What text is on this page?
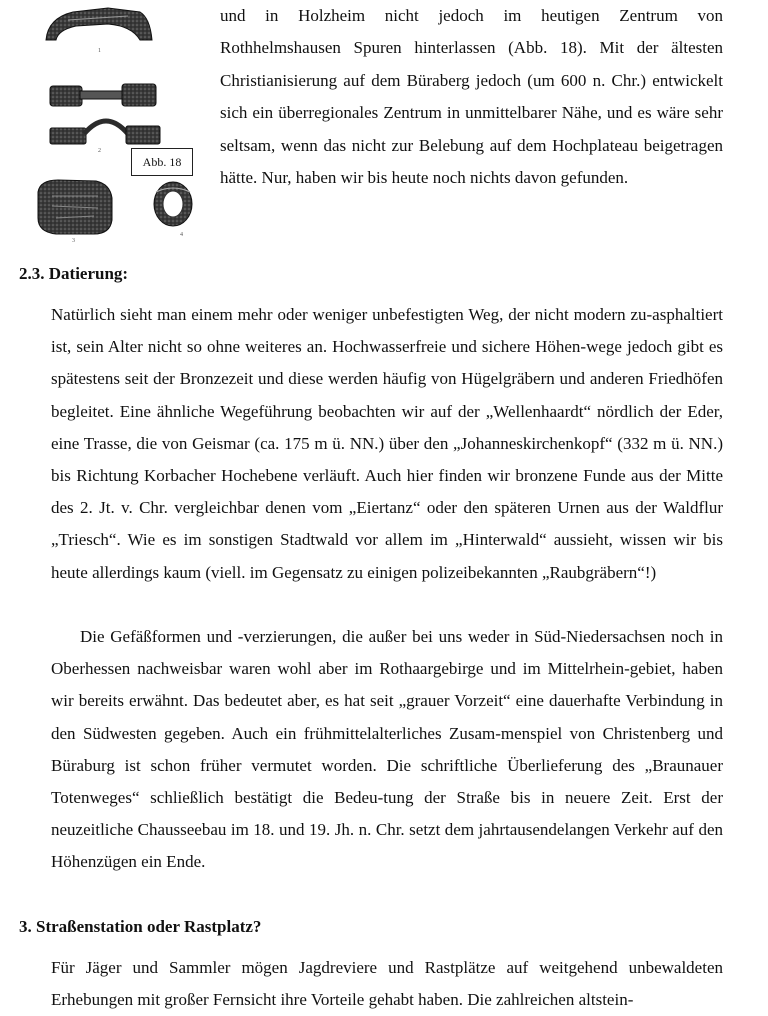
1
2
3
4
Abb. 18

und in Holzheim nicht jedoch im heutigen Zentrum von Rothhelmshausen Spuren hinterlassen (Abb. 18). Mit der ältesten Christianisierung auf dem Büraberg jedoch (um 600 n. Chr.) entwickelt sich ein überregionales Zentrum in unmittelbarer Nähe, und es wäre sehr seltsam, wenn das nicht zur Belebung auf dem Hochplateau beigetragen hätte. Nur, haben wir bis heute noch nichts davon gefunden.

2.3. Datierung:

Natürlich sieht man einem mehr oder weniger unbefestigten Weg, der nicht modern zu-asphaltiert ist, sein Alter nicht so ohne weiteres an. Hochwasserfreie und sichere Höhen-wege jedoch gibt es spätestens seit der Bronzezeit und diese werden häufig von Hügelgräbern und anderen Friedhöfen begleitet. Eine ähnliche Wegeführung beobachten wir auf der „Wellenhaardt“ nördlich der Eder, eine Trasse, die von Geismar (ca. 175 m ü. NN.) über den „Johanneskirchenkopf“ (332 m ü. NN.) bis Richtung Korbacher Hochebene verläuft. Auch hier finden wir bronzene Funde aus der Mitte des 2. Jt. v. Chr. vergleichbar denen vom „Eiertanz“ oder den späteren Urnen aus der Waldflur „Triesch“. Wie es im sonstigen Stadtwald vor allem im „Hinterwald“ aussieht, wissen wir bis heute allerdings kaum (viell. im Gegensatz zu einigen polizeibekannten „Raubgräbern“!)

Die Gefäßformen und -verzierungen, die außer bei uns weder in Süd-Niedersachsen noch in Oberhessen nachweisbar waren wohl aber im Rothaargebirge und im Mittelrhein-gebiet, haben wir bereits erwähnt. Das bedeutet aber, es hat seit „grauer Vorzeit“ eine dauerhafte Verbindung in den Südwesten gegeben. Auch ein frühmittelalterliches Zusam-menspiel von Christenberg und Büraburg ist schon früher vermutet worden. Die schriftliche Überlieferung des „Braunauer Totenweges“ schließlich bestätigt die Bedeu-tung der Straße bis in neuere Zeit. Erst der neuzeitliche Chausseebau im 18. und 19. Jh. n. Chr. setzt dem jahrtausendelangen Verkehr auf den Höhenzügen ein Ende.

3. Straßenstation oder Rastplatz?

Für Jäger und Sammler mögen Jagdreviere und Rastplätze auf weitgehend unbewaldeten Erhebungen mit großer Fernsicht ihre Vorteile gehabt haben. Die zahlreichen altstein-
